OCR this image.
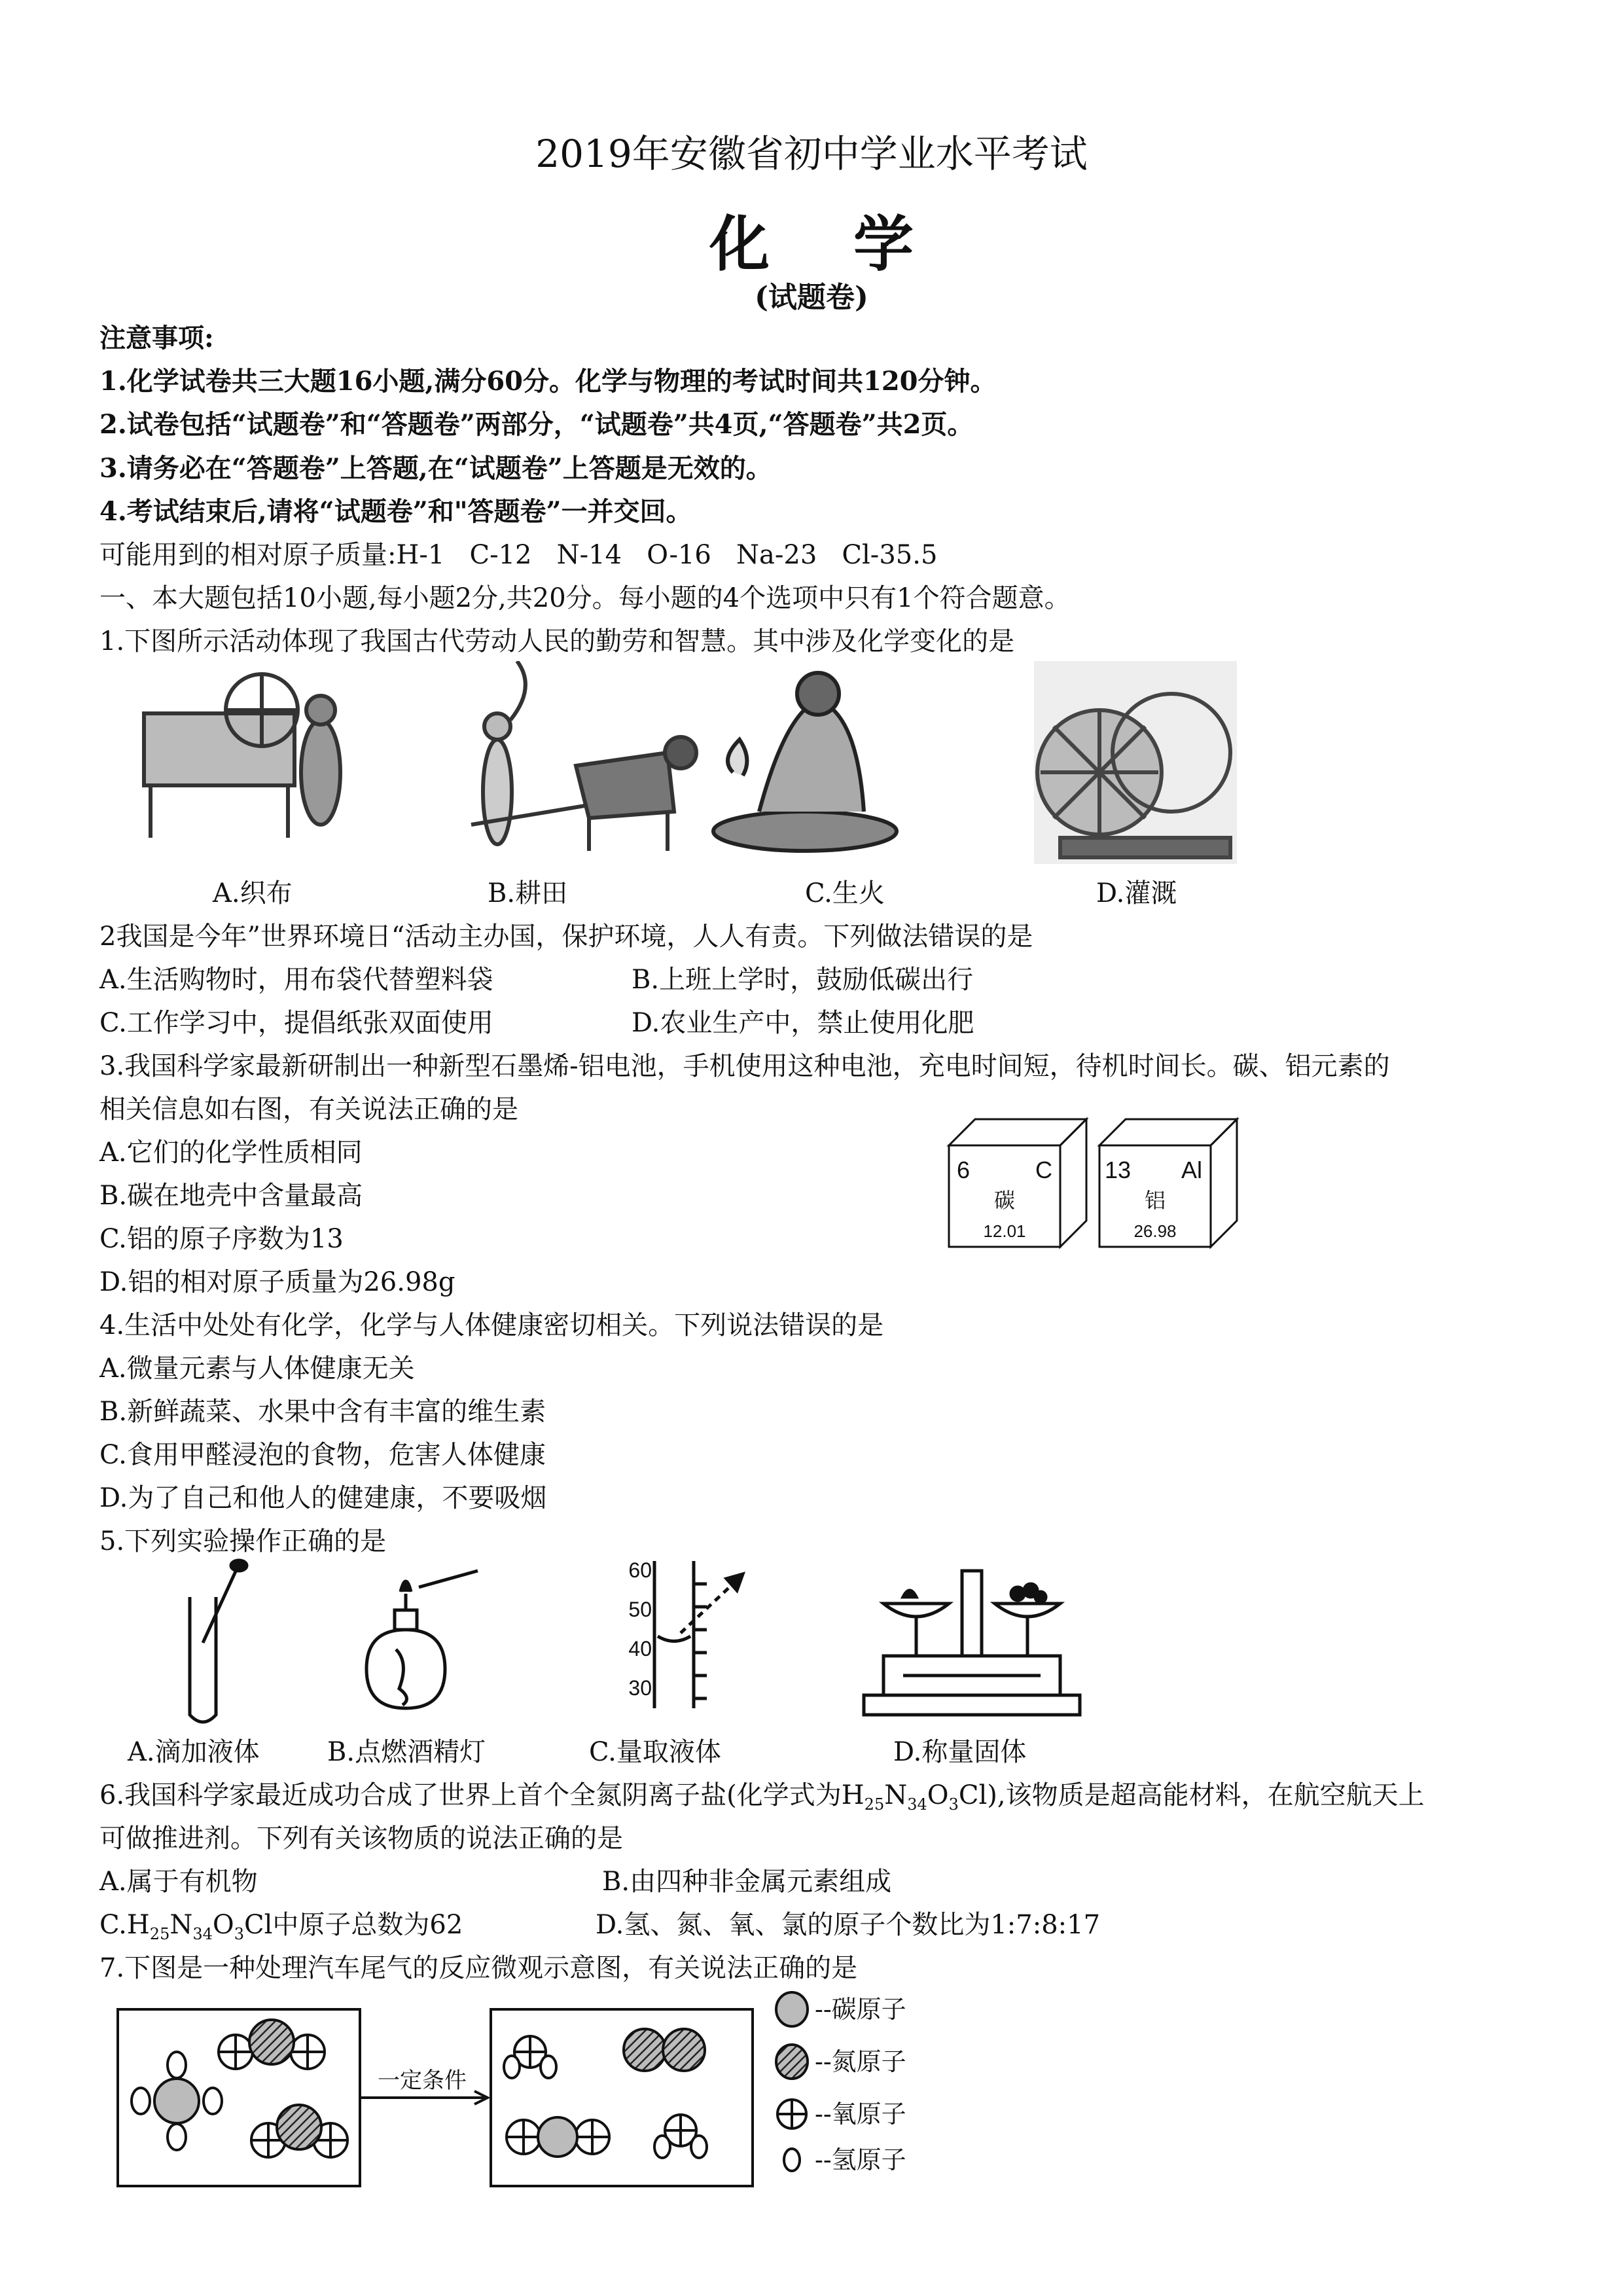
2019年安徽省初中学业水平考试
化    学
(试题卷)
注意事项:
1.化学试卷共三大题16小题,满分60分。化学与物理的考试时间共120分钟。
2.试卷包括“试题卷”和“答题卷”两部分，“试题卷”共4页,“答题卷”共2页。
3.请务必在“答题卷”上答题,在“试题卷”上答题是无效的。
4.考试结束后,请将“试题卷”和"答题卷”一并交回。
可能用到的相对原子质量:H-1   C-12   N-14   O-16   Na-23   Cl-35.5
一、本大题包括10小题,每小题2分,共20分。每小题的4个选项中只有1个符合题意。
1.下图所示活动体现了我国古代劳动人民的勤劳和智慧。其中涉及化学变化的是
A.织布	B.耕田	C.生火	D.灌溉
2我国是今年”世界环境日“活动主办国，保护环境，人人有责。下列做法错误的是
A.生活购物时，用布袋代替塑料袋	B.上班上学时，鼓励低碳出行
C.工作学习中，提倡纸张双面使用	D.农业生产中，禁止使用化肥
3.我国科学家最新研制出一种新型石墨烯-铝电池，手机使用这种电池，充电时间短，待机时间长。碳、铝元素的
相关信息如右图，有关说法正确的是
A.它们的化学性质相同
B.碳在地壳中含量最高
C.铝的原子序数为13
D.铝的相对原子质量为26.98g
6	C
碳
12.01
13 Al
铝
26.98
4.生活中处处有化学，化学与人体健康密切相关。下列说法错误的是
A.微量元素与人体健康无关
B.新鲜蔬菜、水果中含有丰富的维生素
C.食用甲醛浸泡的食物，危害人体健康
D.为了自己和他人的健建康，不要吸烟
5.下列实验操作正确的是
60
50
40
30
A.滴加液体	B.点燃酒精灯	C.量取液体	D.称量固体
6.我国科学家最近成功合成了世界上首个全氮阴离子盐(化学式为$H_{25}N_{34}O_3Cl$),该物质是超高能材料，在航空航天上
可做推进剂。下列有关该物质的说法正确的是
A.属于有机物	B.由四种非金属元素组成
$C.H_{25}N_{34}O_3Cl$中原子总数为62	D.氢、氮、氧、氯的原子个数比为1:7:8:17
7.下图是一种处理汽车尾气的反应微观示意图，有关说法正确的是
一定条件
--碳原子
--氮原子
--氧原子
--氢原子
